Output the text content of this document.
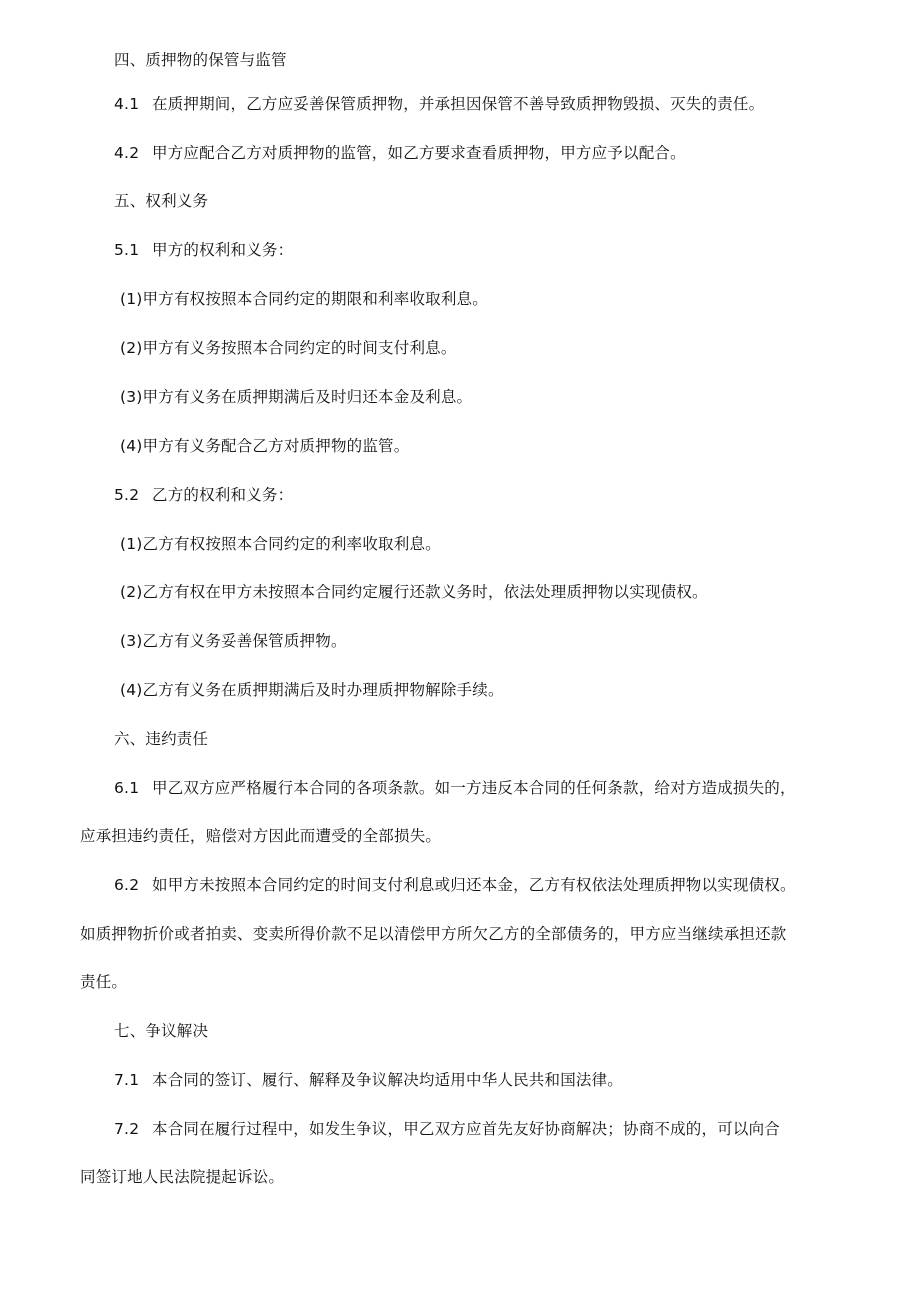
四、质押物的保管与监管
4.1 在质押期间，乙方应妥善保管质押物，并承担因保管不善导致质押物毁损、灭失的责任。
4.2 甲方应配合乙方对质押物的监管，如乙方要求查看质押物，甲方应予以配合。
五、权利义务
5.1 甲方的权利和义务：
(1)甲方有权按照本合同约定的期限和利率收取利息。
(2)甲方有义务按照本合同约定的时间支付利息。
(3)甲方有义务在质押期满后及时归还本金及利息。
(4)甲方有义务配合乙方对质押物的监管。
5.2 乙方的权利和义务：
(1)乙方有权按照本合同约定的利率收取利息。
(2)乙方有权在甲方未按照本合同约定履行还款义务时，依法处理质押物以实现债权。
(3)乙方有义务妥善保管质押物。
(4)乙方有义务在质押期满后及时办理质押物解除手续。
六、违约责任
6.1 甲乙双方应严格履行本合同的各项条款。如一方违反本合同的任何条款，给对方造成损失的，
应承担违约责任，赔偿对方因此而遭受的全部损失。
6.2 如甲方未按照本合同约定的时间支付利息或归还本金，乙方有权依法处理质押物以实现债权。
如质押物折价或者拍卖、变卖所得价款不足以清偿甲方所欠乙方的全部债务的，甲方应当继续承担还款
责任。
七、争议解决
7.1 本合同的签订、履行、解释及争议解决均适用中华人民共和国法律。
7.2 本合同在履行过程中，如发生争议，甲乙双方应首先友好协商解决；协商不成的，可以向合
同签订地人民法院提起诉讼。
